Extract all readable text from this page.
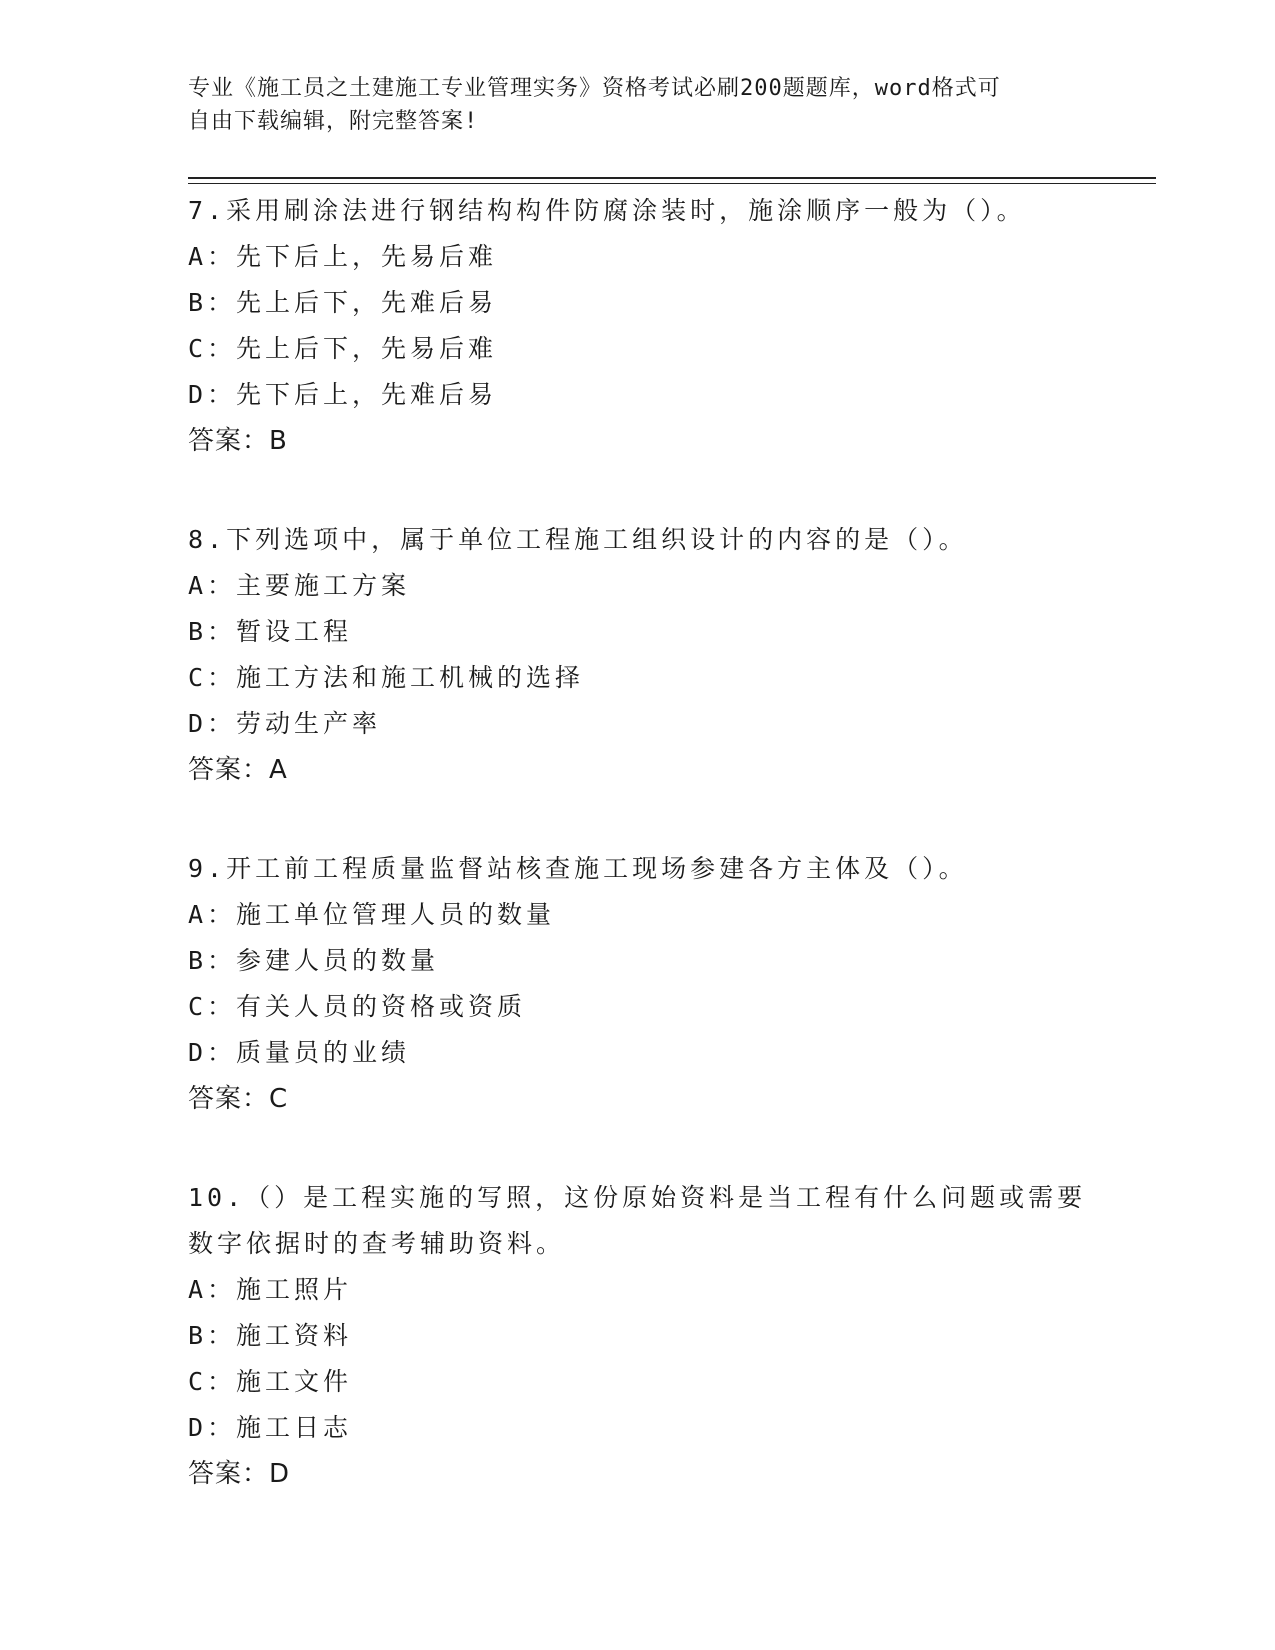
专业《施工员之土建施工专业管理实务》资格考试必刷200题题库，word格式可

自由下载编辑，附完整答案!

7.采用刷涂法进行钢结构构件防腐涂装时，施涂顺序一般为（）。

A：先下后上，先易后难

B：先上后下，先难后易

C：先上后下，先易后难

D：先下后上，先难后易

答案：B

8.下列选项中，属于单位工程施工组织设计的内容的是（）。

A：主要施工方案

B：暂设工程

C：施工方法和施工机械的选择

D：劳动生产率

答案：A

9.开工前工程质量监督站核查施工现场参建各方主体及（）。

A：施工单位管理人员的数量

B：参建人员的数量

C：有关人员的资格或资质

D：质量员的业绩

答案：C

10.（）是工程实施的写照，这份原始资料是当工程有什么问题或需要

数字依据时的查考辅助资料。

A：施工照片

B：施工资料

C：施工文件

D：施工日志

答案：D
